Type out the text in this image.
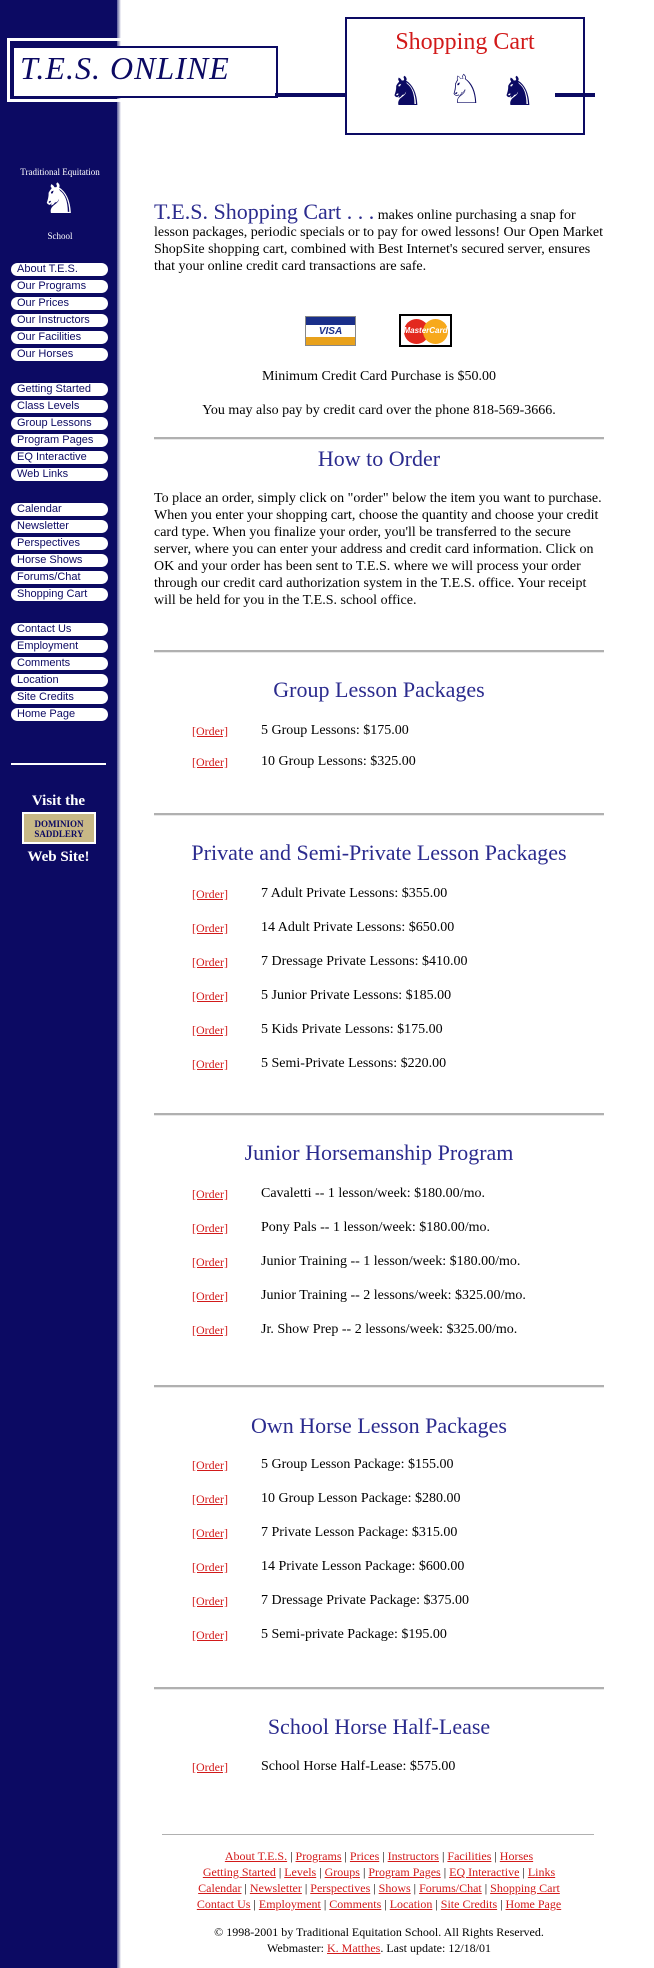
T.E.S. ONLINE
Shopping Cart
♞ ♘ ♞
Traditional Equitation
♞
School
About T.E.S.
Our Programs
Our Prices
Our Instructors
Our Facilities
Our Horses
Getting Started
Class Levels
Group Lessons
Program Pages
EQ Interactive
Web Links
Calendar
Newsletter
Perspectives
Horse Shows
Forums/Chat
Shopping Cart
Contact Us
Employment
Comments
Location
Site Credits
Home Page
Visit the
DOMINION SADDLERY
Web Site!
T.E.S. Shopping Cart . . . makes online purchasing a snap for lesson packages, periodic specials or to pay for owed lessons! Our Open Market ShopSite shopping cart, combined with Best Internet's secured server, ensures that your online credit card transactions are safe.
VISA	MasterCard
Minimum Credit Card Purchase is $50.00
You may also pay by credit card over the phone 818-569-3666.
How to Order
To place an order, simply click on "order" below the item you want to purchase. When you enter your shopping cart, choose the quantity and choose your credit card type. When you finalize your order, you'll be transferred to the secure server, where you can enter your address and credit card information. Click on OK and your order has been sent to T.E.S. where we will process your order through our credit card authorization system in the T.E.S. office. Your receipt will be held for you in the T.E.S. school office.
Group Lesson Packages
[Order] 5 Group Lessons: $175.00
[Order] 10 Group Lessons: $325.00
Private and Semi-Private Lesson Packages
[Order] 7 Adult Private Lessons: $355.00
[Order] 14 Adult Private Lessons: $650.00
[Order] 7 Dressage Private Lessons: $410.00
[Order] 5 Junior Private Lessons: $185.00
[Order] 5 Kids Private Lessons: $175.00
[Order] 5 Semi-Private Lessons: $220.00
Junior Horsemanship Program
[Order] Cavaletti -- 1 lesson/week: $180.00/mo.
[Order] Pony Pals -- 1 lesson/week: $180.00/mo.
[Order] Junior Training -- 1 lesson/week: $180.00/mo.
[Order] Junior Training -- 2 lessons/week: $325.00/mo.
[Order] Jr. Show Prep -- 2 lessons/week: $325.00/mo.
Own Horse Lesson Packages
[Order] 5 Group Lesson Package: $155.00
[Order] 10 Group Lesson Package: $280.00
[Order] 7 Private Lesson Package: $315.00
[Order] 14 Private Lesson Package: $600.00
[Order] 7 Dressage Private Package: $375.00
[Order] 5 Semi-private Package: $195.00
School Horse Half-Lease
[Order] School Horse Half-Lease: $575.00
About T.E.S. | Programs | Prices | Instructors | Facilities | Horses
Getting Started | Levels | Groups | Program Pages | EQ Interactive | Links
Calendar | Newsletter | Perspectives | Shows | Forums/Chat | Shopping Cart
Contact Us | Employment | Comments | Location | Site Credits | Home Page
© 1998-2001 by Traditional Equitation School. All Rights Reserved.
Webmaster: K. Matthes. Last update: 12/18/01
